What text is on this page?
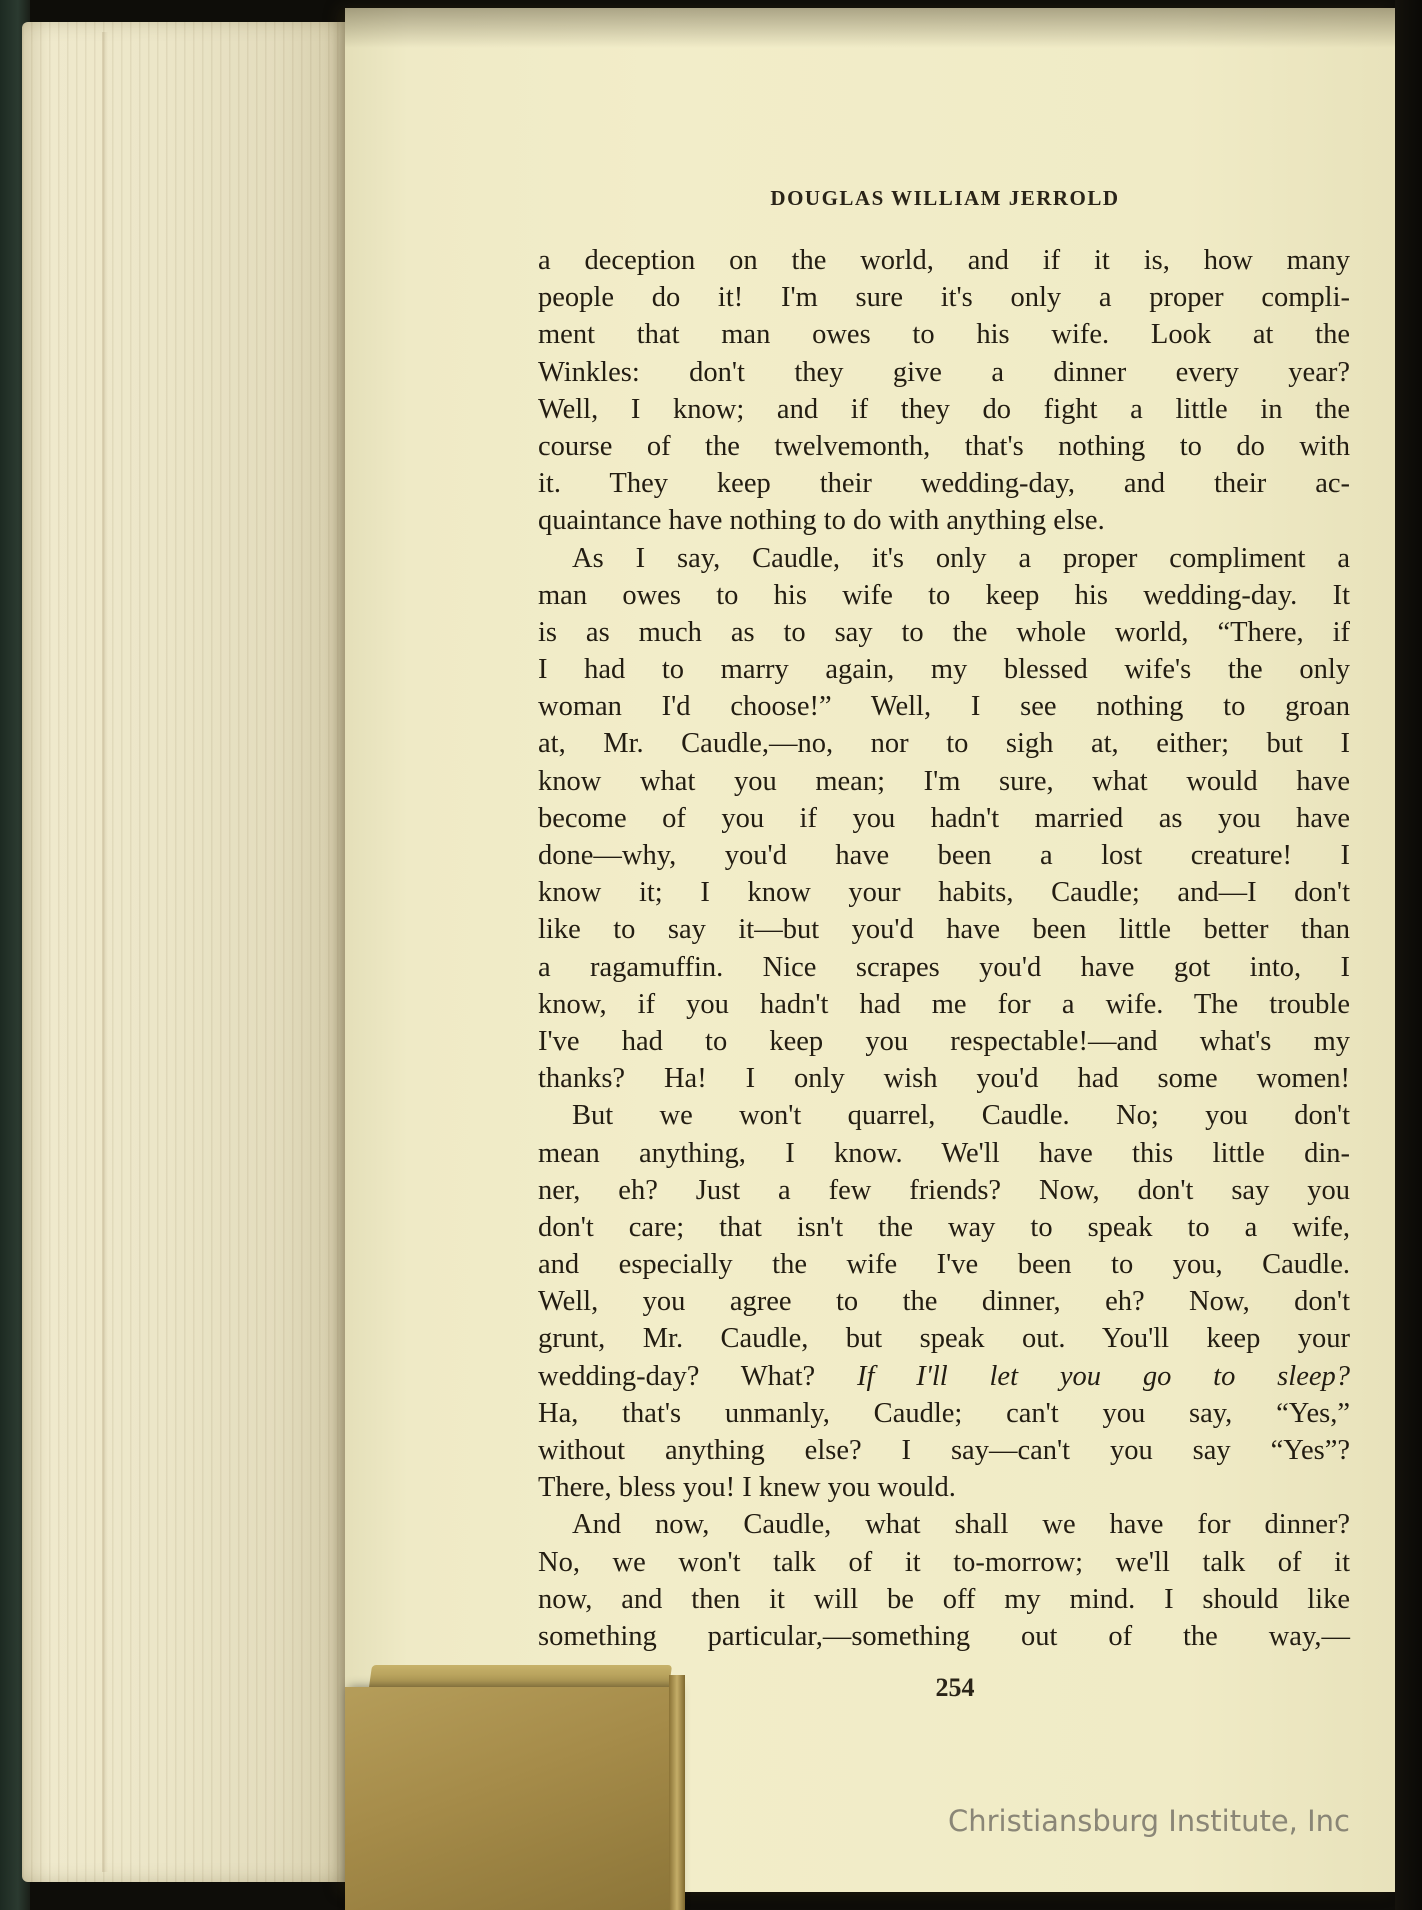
DOUGLAS WILLIAM JERROLD
a deception on the world, and if it is, how many
people do it! I'm sure it's only a proper compli-
ment that man owes to his wife. Look at the
Winkles: don't they give a dinner every year?
Well, I know; and if they do fight a little in the
course of the twelvemonth, that's nothing to do with
it. They keep their wedding-day, and their ac-
quaintance have nothing to do with anything else.
As I say, Caudle, it's only a proper compliment a
man owes to his wife to keep his wedding-day. It
is as much as to say to the whole world, “There, if
I had to marry again, my blessed wife's the only
woman I'd choose!” Well, I see nothing to groan
at, Mr. Caudle,—no, nor to sigh at, either; but I
know what you mean; I'm sure, what would have
become of you if you hadn't married as you have
done—why, you'd have been a lost creature! I
know it; I know your habits, Caudle; and—I don't
like to say it—but you'd have been little better than
a ragamuffin. Nice scrapes you'd have got into, I
know, if you hadn't had me for a wife. The trouble
I've had to keep you respectable!—and what's my
thanks? Ha! I only wish you'd had some women!
But we won't quarrel, Caudle. No; you don't
mean anything, I know. We'll have this little din-
ner, eh? Just a few friends? Now, don't say you
don't care; that isn't the way to speak to a wife,
and especially the wife I've been to you, Caudle.
Well, you agree to the dinner, eh? Now, don't
grunt, Mr. Caudle, but speak out. You'll keep your
wedding-day? What? If I'll let you go to sleep?
Ha, that's unmanly, Caudle; can't you say, “Yes,”
without anything else? I say—can't you say “Yes”?
There, bless you! I knew you would.
And now, Caudle, what shall we have for dinner?
No, we won't talk of it to-morrow; we'll talk of it
now, and then it will be off my mind. I should like
something particular,—something out of the way,—
254
Christiansburg Institute, Inc
